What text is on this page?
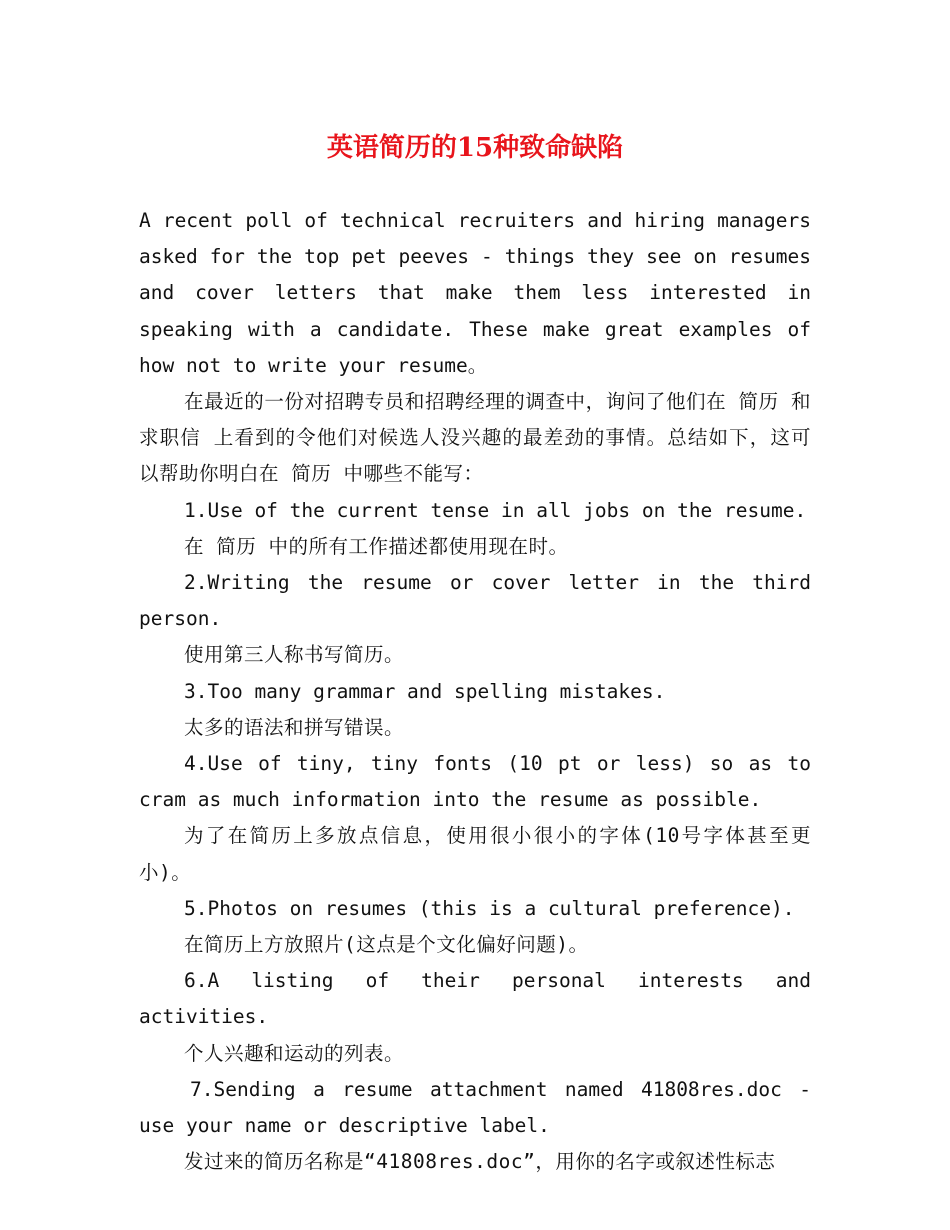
英语简历的15种致命缺陷

A recent poll of technical recruiters and hiring managers asked for the top pet peeves - things they see on resumes and cover letters that make them less interested in speaking with a candidate. These make great examples of how not to write your resume。

在最近的一份对招聘专员和招聘经理的调查中，询问了他们在 简历 和 求职信 上看到的令他们对候选人没兴趣的最差劲的事情。总结如下，这可以帮助你明白在 简历 中哪些不能写：

1.Use of the current tense in all jobs on the resume.

在 简历 中的所有工作描述都使用现在时。

2.Writing the resume or cover letter in the third person.

使用第三人称书写简历。

3.Too many grammar and spelling mistakes.

太多的语法和拼写错误。

4.Use of tiny, tiny fonts (10 pt or less) so as to cram as much information into the resume as possible.

为了在简历上多放点信息，使用很小很小的字体(10号字体甚至更小)。

5.Photos on resumes (this is a cultural preference).

在简历上方放照片(这点是个文化偏好问题)。

6.A listing of their personal interests and activities.

个人兴趣和运动的列表。

7.Sending a resume attachment named 41808res.doc - use your name or descriptive label.

发过来的简历名称是“41808res.doc”，用你的名字或叙述性标志
